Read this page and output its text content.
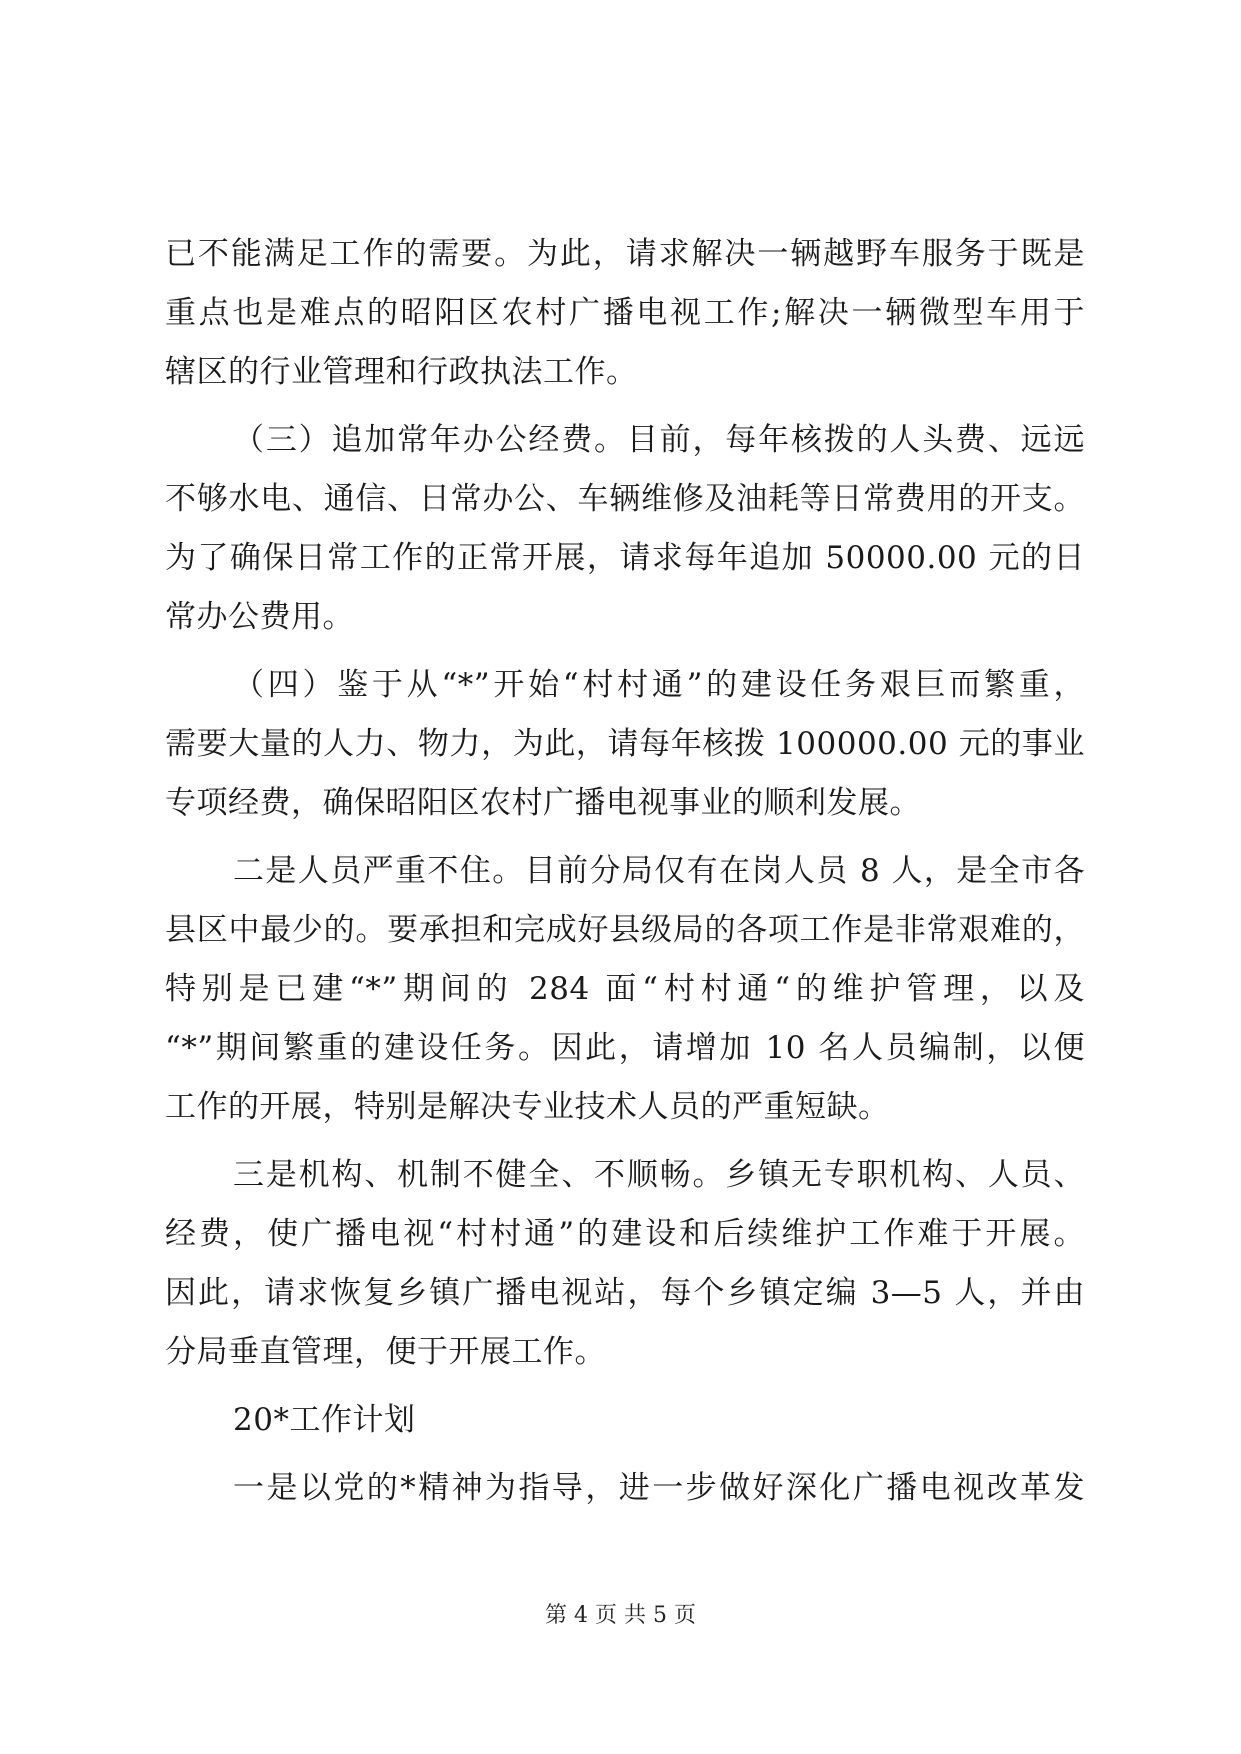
已不能满足工作的需要。为此，请求解决一辆越野车服务于既是
重点也是难点的昭阳区农村广播电视工作;解决一辆微型车用于
辖区的行业管理和行政执法工作。
（三）追加常年办公经费。目前，每年核拨的人头费、远远
不够水电、通信、日常办公、车辆维修及油耗等日常费用的开支。
为了确保日常工作的正常开展，请求每年追加 50000.00 元的日
常办公费用。
（四）鉴于从“*”开始“村村通”的建设任务艰巨而繁重，
需要大量的人力、物力，为此，请每年核拨 100000.00 元的事业
专项经费，确保昭阳区农村广播电视事业的顺利发展。
二是人员严重不住。目前分局仅有在岗人员 8 人，是全市各
县区中最少的。要承担和完成好县级局的各项工作是非常艰难的，
特别是已建“*”期间的 284 面“村村通“的维护管理，以及
“*”期间繁重的建设任务。因此，请增加 10 名人员编制，以便
工作的开展，特别是解决专业技术人员的严重短缺。
三是机构、机制不健全、不顺畅。乡镇无专职机构、人员、
经费，使广播电视“村村通”的建设和后续维护工作难于开展。
因此，请求恢复乡镇广播电视站，每个乡镇定编 3—5 人，并由
分局垂直管理，便于开展工作。
20*工作计划
一是以党的*精神为指导，进一步做好深化广播电视改革发
第 4 页 共 5 页
